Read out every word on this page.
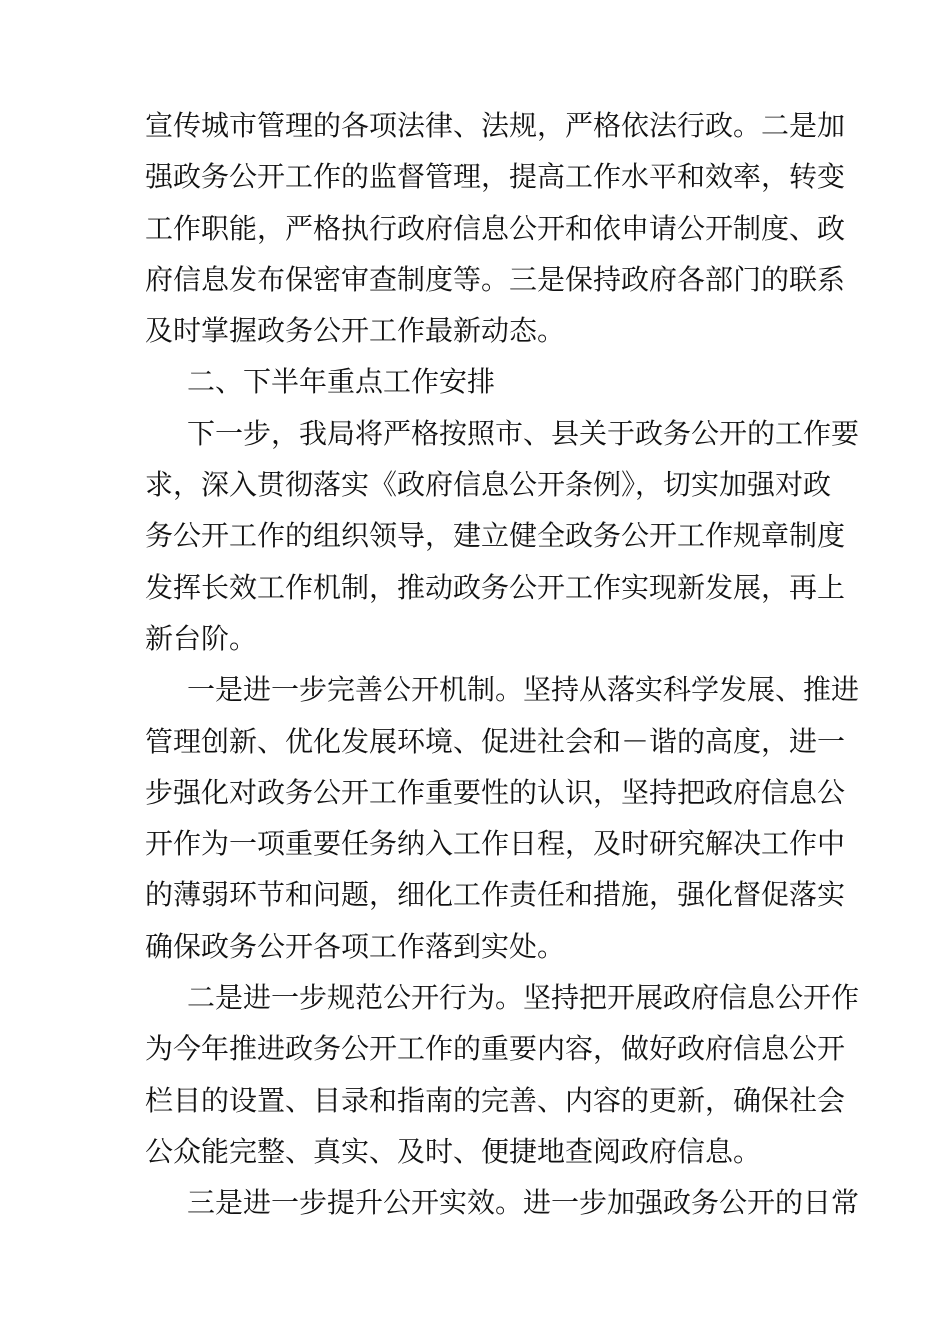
宣传城市管理的各项法律、法规，严格依法行政。二是加
强政务公开工作的监督管理，提高工作水平和效率，转变
工作职能，严格执行政府信息公开和依申请公开制度、政
府信息发布保密审查制度等。三是保持政府各部门的联系
及时掌握政务公开工作最新动态。
二、下半年重点工作安排
下一步，我局将严格按照市、县关于政务公开的工作要
求，深入贯彻落实《政府信息公开条例》，切实加强对政
务公开工作的组织领导，建立健全政务公开工作规章制度
发挥长效工作机制，推动政务公开工作实现新发展，再上
新台阶。
一是进一步完善公开机制。坚持从落实科学发展、推进
管理创新、优化发展环境、促进社会和－谐的高度，进一
步强化对政务公开工作重要性的认识，坚持把政府信息公
开作为一项重要任务纳入工作日程，及时研究解决工作中
的薄弱环节和问题，细化工作责任和措施，强化督促落实
确保政务公开各项工作落到实处。
二是进一步规范公开行为。坚持把开展政府信息公开作
为今年推进政务公开工作的重要内容，做好政府信息公开
栏目的设置、目录和指南的完善、内容的更新，确保社会
公众能完整、真实、及时、便捷地查阅政府信息。
三是进一步提升公开实效。进一步加强政务公开的日常
